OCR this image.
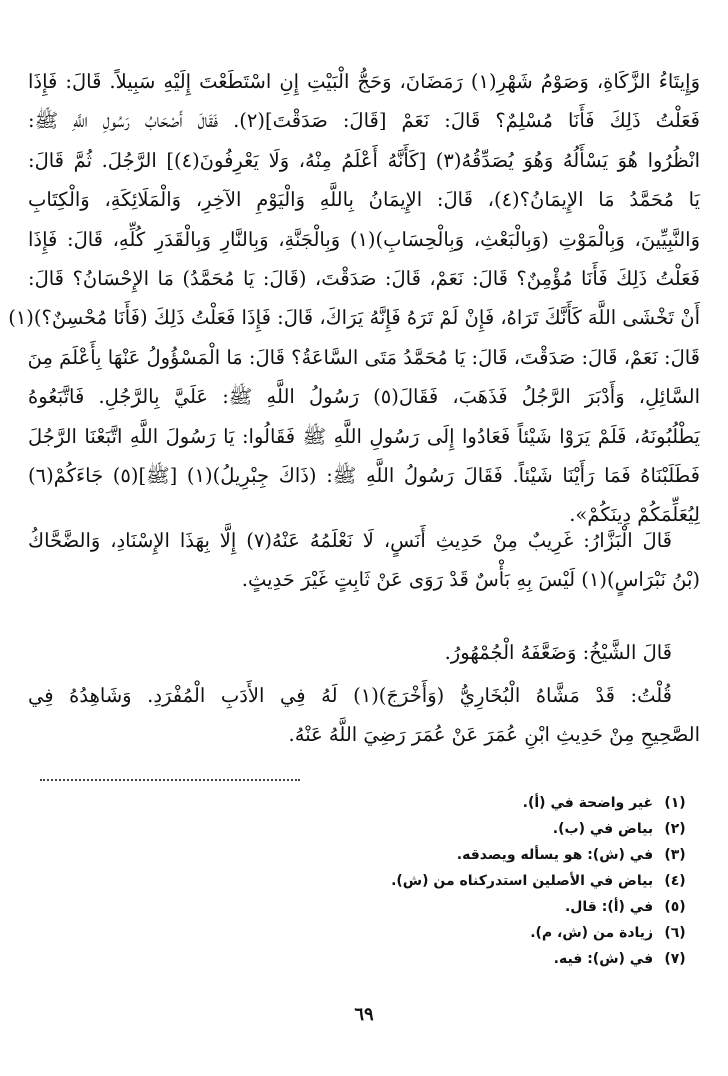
وَإِيتَاءُ الزَّكَاةِ، وَصَوْمُ شَهْرِ(١) رَمَضَانَ، وَحَجُّ الْبَيْتِ إِنِ اسْتَطَعْتَ إِلَيْهِ سَبِيلاً. قَالَ: فَإِذَا
فَعَلْتُ ذَلِكَ فَأَنَا مُسْلِمٌ؟ قَالَ: نَعَمْ [قَالَ: صَدَقْتَ](٢). فَقَالَ أَصْحَابُ رَسُولِ اللَّهِ ﷺ:
انْظُرُوا هُوَ يَسْأَلُهُ وَهُوَ يُصَدِّقُهُ(٣) [كَأَنَّهُ أَعْلَمُ مِنْهُ، وَلَا يَعْرِفُونَ(٤)] الرَّجُلَ. ثُمَّ قَالَ:
يَا مُحَمَّدُ مَا الإِيمَانُ؟(٤)، قَالَ: الإِيمَانُ بِاللَّهِ وَالْيَوْمِ الآخِرِ، وَالْمَلَائِكَةِ، وَالْكِتَابِ
وَالنَّبِيِّينَ، وَبِالْمَوْتِ (وَبِالْبَعْثِ، وَبِالْحِسَابِ)(١) وَبِالْجَنَّةِ، وَبِالنَّارِ وَبِالْقَدَرِ كُلِّهِ، قَالَ: فَإِذَا
فَعَلْتُ ذَلِكَ فَأَنَا مُؤْمِنٌ؟ قَالَ: نَعَمْ، قَالَ: صَدَقْتَ، (قَالَ: يَا مُحَمَّدُ) مَا الإِحْسَانُ؟ قَالَ:
أَنْ تَخْشَى اللَّهَ كَأَنَّكَ تَرَاهُ، فَإِنْ لَمْ تَرَهُ فَإِنَّهُ يَرَاكَ، قَالَ: فَإِذَا فَعَلْتُ ذَلِكَ (فَأَنَا مُحْسِنٌ؟)(١)
قَالَ: نَعَمْ، قَالَ: صَدَقْتَ، قَالَ: يَا مُحَمَّدُ مَتَى السَّاعَةُ؟ قَالَ: مَا الْمَسْؤُولُ عَنْهَا بِأَعْلَمَ مِنَ
السَّائِلِ، وَأَدْبَرَ الرَّجُلُ فَذَهَبَ، فَقَالَ(٥) رَسُولُ اللَّهِ ﷺ: عَلَيَّ بِالرَّجُلِ. فَاتَّبَعُوهُ
يَطْلُبُونَهُ، فَلَمْ يَرَوْا شَيْئاً فَعَادُوا إِلَى رَسُولِ اللَّهِ ﷺ فَقَالُوا: يَا رَسُولَ اللَّهِ اتَّبَعْنَا الرَّجُلَ
فَطَلَبْنَاهُ فَمَا رَأَيْنَا شَيْئاً. فَقَالَ رَسُولُ اللَّهِ ﷺ: (ذَاكَ جِبْرِيلُ)(١) [ﷺ](٥) جَاءَكُمْ(٦)
لِيُعَلِّمَكُمْ دِينَكُمْ».
قَالَ الْبَزَّارُ: غَرِيبٌ مِنْ حَدِيثِ أَنَسٍ، لَا نَعْلَمُهُ عَنْهُ(٧) إِلَّا بِهَذَا الإِسْنَادِ، وَالضَّحَّاكُ
(بْنُ نَبْرَاسٍ)(١) لَيْسَ بِهِ بَأْسٌ قَدْ رَوَى عَنْ ثَابِتٍ غَيْرَ حَدِيثٍ.
قَالَ الشَّيْخُ: وَضَعَّفَهُ الْجُمْهُورُ.
قُلْتُ: قَدْ مَشَّاهُ الْبُخَارِيُّ (وَأَخْرَجَ)(١) لَهُ فِي الأَدَبِ الْمُفْرَدِ. وَشَاهِدُهُ فِي
الصَّحِيحِ مِنْ حَدِيثِ ابْنِ عُمَرَ عَنْ عُمَرَ رَضِيَ اللَّهُ عَنْهُ.
(١) غير واضحة في (أ).
(٢) بياض في (ب).
(٣) في (ش): هو يسأله ويصدقه.
(٤) بياض في الأصلين استدركناه من (ش).
(٥) في (أ): قال.
(٦) زيادة من (ش، م).
(٧) في (ش): فيه.
٦٩
